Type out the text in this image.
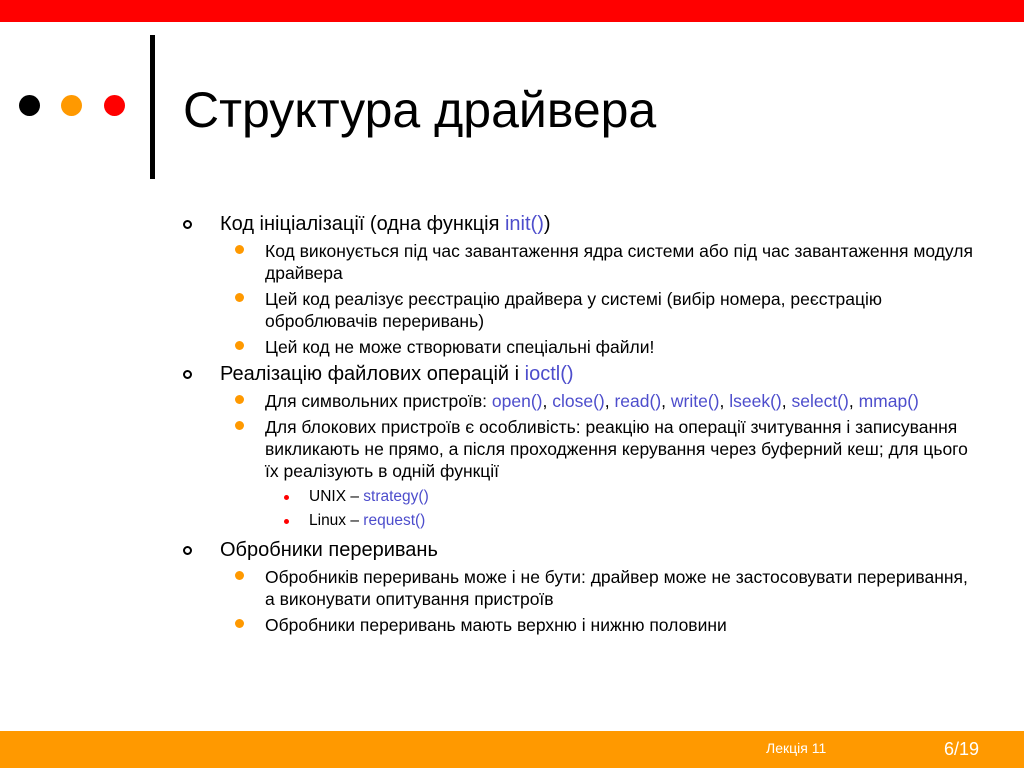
Структура драйвера
Код ініціалізації (одна функція init())
Код виконується під час завантаження ядра системи або під час завантаження модуля драйвера
Цей код реалізує реєстрацію драйвера у системі (вибір номера, реєстрацію оброблювачів переривань)
Цей код не може створювати спеціальні файли!
Реалізацію файлових операцій і ioctl()
Для символьних пристроїв: open(), close(), read(), write(), lseek(), select(), mmap()
Для блокових пристроїв є особливість: реакцію на операції зчитування і записування викликають не прямо, а після проходження керування через буферний кеш; для цього їх реалізують в одній функції
UNIX – strategy()
Linux – request()
Обробники переривань
Обробників переривань може і не бути: драйвер може не застосовувати переривання, а виконувати опитування пристроїв
Обробники переривань мають верхню і нижню половини
Лекція 11	6/19
